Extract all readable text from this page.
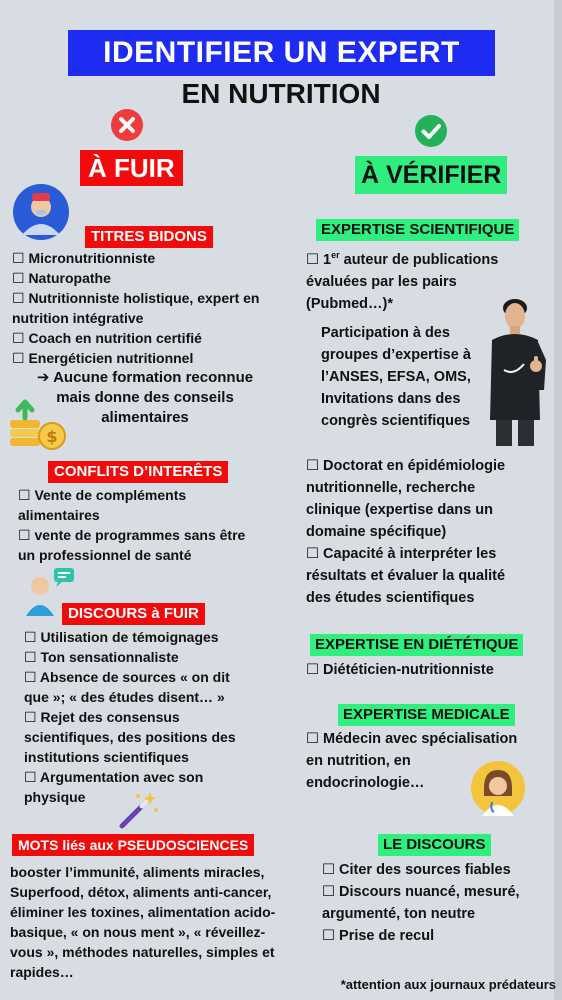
IDENTIFIER UN EXPERT
EN NUTRITION
À FUIR	À VÉRIFIER
TITRES BIDONS
☐ Micronutritionniste
☐ Naturopathe
☐ Nutritionniste holistique, expert en
nutrition intégrative
☐ Coach en nutrition certifié
☐ Energéticien nutritionnel
➔ Aucune formation reconnue
mais donne des conseils
alimentaires
$
CONFLITS D’INTERÊTS
☐ Vente de compléments
alimentaires
☐ vente de programmes sans être
un professionnel de santé
DISCOURS à FUIR
☐ Utilisation de témoignages
☐ Ton sensationnaliste
☐ Absence de sources « on dit
que »; « des études disent… »
☐ Rejet des consensus
scientifiques, des positions des
institutions scientifiques
☐ Argumentation avec son
physique
MOTS liés aux PSEUDOSCIENCES
booster l’immunité, aliments miracles,
Superfood, détox, aliments anti-cancer,
éliminer les toxines, alimentation acido-
basique, « on nous ment », « réveillez-
vous », méthodes naturelles, simples et
rapides…
EXPERTISE SCIENTIFIQUE
☐ 1er auteur de publications
évaluées par les pairs
(Pubmed…)*
Participation à des
groupes d’expertise à
l’ANSES, EFSA, OMS,
Invitations dans des
congrès scientifiques
☐ Doctorat en épidémiologie
nutritionnelle, recherche
clinique (expertise dans un
domaine spécifique)
☐ Capacité à interpréter les
résultats et évaluer la qualité
des études scientifiques
EXPERTISE EN DIÉTÉTIQUE
☐ Diététicien-nutritionniste
EXPERTISE MEDICALE
☐ Médecin avec spécialisation
en nutrition, en
endocrinologie…
LE DISCOURS
☐ Citer des sources fiables
☐ Discours nuancé, mesuré,
argumenté, ton neutre
☐ Prise de recul
*attention aux journaux prédateurs
